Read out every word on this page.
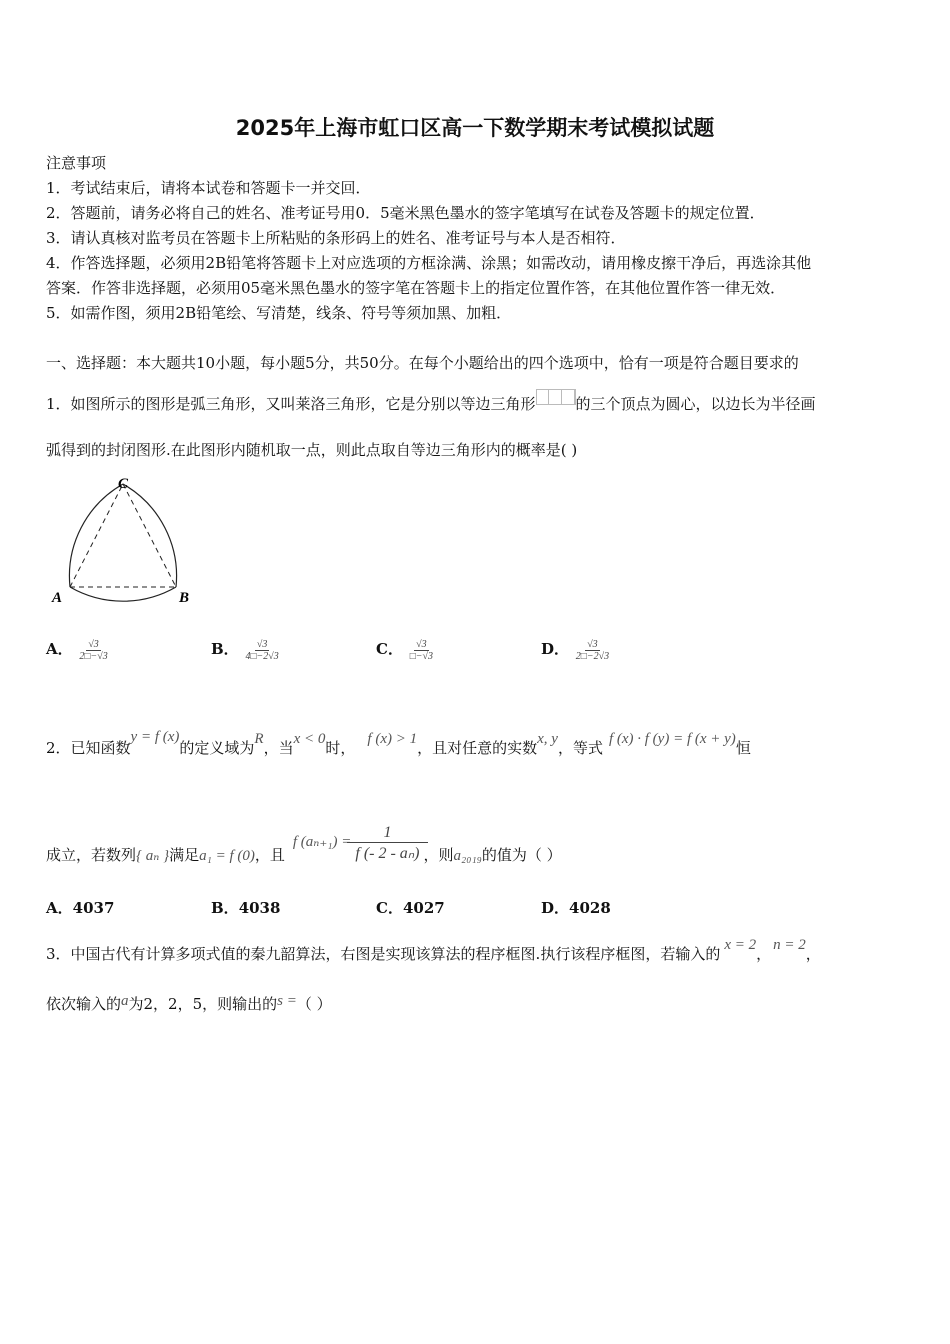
2025年上海市虹口区高一下数学期末考试模拟试题
注意事项
1．考试结束后，请将本试卷和答题卡一并交回．
2．答题前，请务必将自己的姓名、准考证号用0．5毫米黑色墨水的签字笔填写在试卷及答题卡的规定位置．
3．请认真核对监考员在答题卡上所粘贴的条形码上的姓名、准考证号与本人是否相符．
4．作答选择题，必须用2B铅笔将答题卡上对应选项的方框涂满、涂黑；如需改动，请用橡皮擦干净后，再选涂其他
答案．作答非选择题，必须用05毫米黑色墨水的签字笔在答题卡上的指定位置作答，在其他位置作答一律无效．
5．如需作图，须用2B铅笔绘、写清楚，线条、符号等须加黑、加粗．
一、选择题：本大题共10小题，每小题5分，共50分。在每个小题给出的四个选项中，恰有一项是符合题目要求的
1．如图所示的图形是弧三角形，又叫莱洛三角形，它是分别以等边三角形	的三个顶点为圆心，以边长为半径画
弧得到的封闭图形.在此图形内随机取一点，则此点取自等边三角形内的概率是( )
C
A	B
A． $\frac{√3}{2□-√3}$	B． $\frac{√3}{4□-2√3}$	C． $\frac{√3}{□-√3}$	D． $\frac{√3}{2□-2√3}$
2．已知函数y = f (x)的定义域为R，当x < 0时， f (x) > 1，且对任意的实数x, y，等式 f (x) · f (y) = f (x + y)恒
成立，若数列{ aₙ }满足a₁ = f (0)，且f $(a_{n+1}) = \frac{1}{\text{f (- 2 - aₙ)}}$ ，则a₂₀₁₉的值为（ ）
A．4037	B．4038	C．4027	D．4028
3．中国古代有计算多项式值的秦九韶算法，右图是实现该算法的程序框图.执行该程序框图，若输入的 x = 2， n = 2，
依次输入的a为2，2，5，则输出的s =（ ）
